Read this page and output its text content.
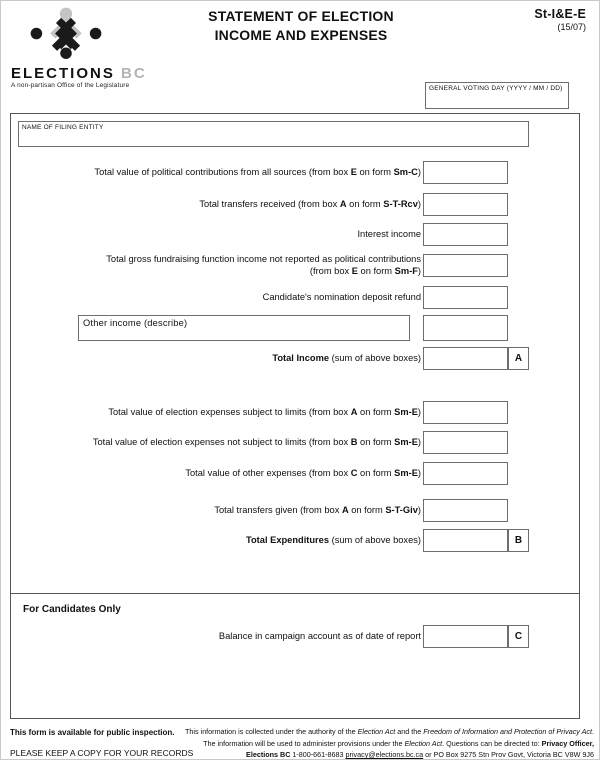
ELECTIONS BC
A non-partisan Office of the Legislature
STATEMENT OF ELECTION
INCOME AND EXPENSES
St-I&E-E
(15/07)
GENERAL VOTING DAY (YYYY / MM / DD)
NAME OF FILING ENTITY
Total value of political contributions from all sources (from box E on form Sm-C)
Total transfers received (from box A on form S-T-Rcv)
Interest income
Total gross fundraising function income not reported as political contributions
(from box E on form Sm-F)
Candidate's nomination deposit refund
Other income (describe)
Total Income (sum of above boxes)	A
Total value of election expenses subject to limits (from box A on form Sm-E)
Total value of election expenses not subject to limits (from box B on form Sm-E)
Total value of other expenses (from box C on form Sm-E)
Total transfers given (from box A on form S-T-Giv)
Total Expenditures (sum of above boxes)	B
For Candidates Only
Balance in campaign account as of date of report	C
This form is available for public inspection.
PLEASE KEEP A COPY FOR YOUR RECORDS
This information is collected under the authority of the Election Act and the Freedom of Information and Protection of Privacy Act.
The information will be used to administer provisions under the Election Act. Questions can be directed to: Privacy Officer,
Elections BC 1-800-661-8683 privacy@elections.bc.ca or PO Box 9275 Stn Prov Govt, Victoria BC V8W 9J6
